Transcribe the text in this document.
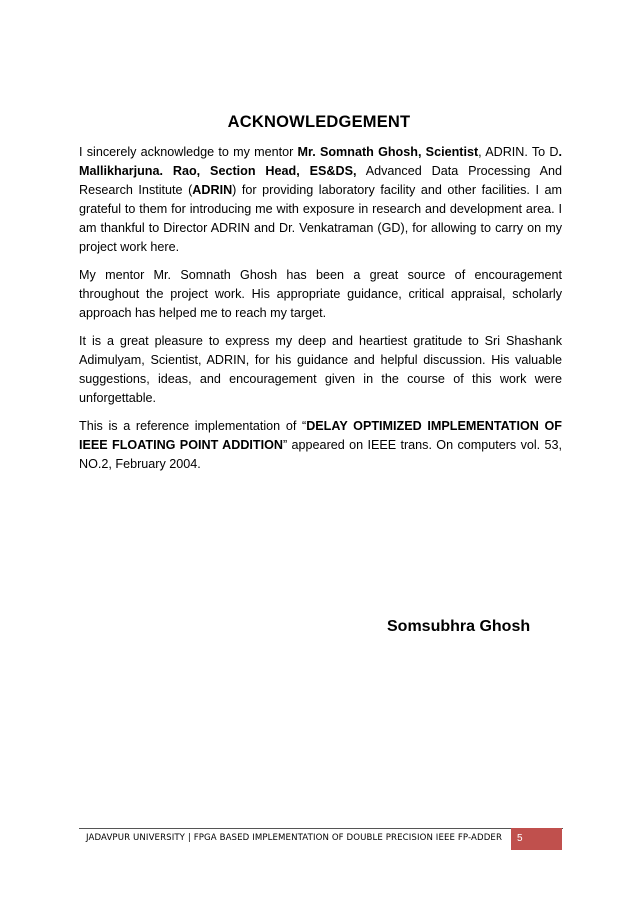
ACKNOWLEDGEMENT

I sincerely acknowledge to my mentor Mr. Somnath Ghosh, Scientist, ADRIN. To D. Mallikharjuna. Rao, Section Head, ES&DS, Advanced Data Processing And Research Institute (ADRIN) for providing laboratory facility and other facilities. I am grateful to them for introducing me with exposure in research and development area. I am thankful to Director ADRIN and Dr. Venkatraman (GD), for allowing to carry on my project work here.

My mentor Mr. Somnath Ghosh has been a great source of encouragement throughout the project work. His appropriate guidance, critical appraisal, scholarly approach has helped me to reach my target.

It is a great pleasure to express my deep and heartiest gratitude to Sri Shashank Adimulyam, Scientist, ADRIN, for his guidance and helpful discussion. His valuable suggestions, ideas, and encouragement given in the course of this work were unforgettable.

This is a reference implementation of “DELAY OPTIMIZED IMPLEMENTATION OF IEEE FLOATING POINT ADDITION” appeared on IEEE trans. On computers vol. 53, NO.2, February 2004.

Somsubhra Ghosh
JADAVPUR UNIVERSITY | FPGA BASED IMPLEMENTATION OF DOUBLE PRECISION IEEE FP-ADDER	5
